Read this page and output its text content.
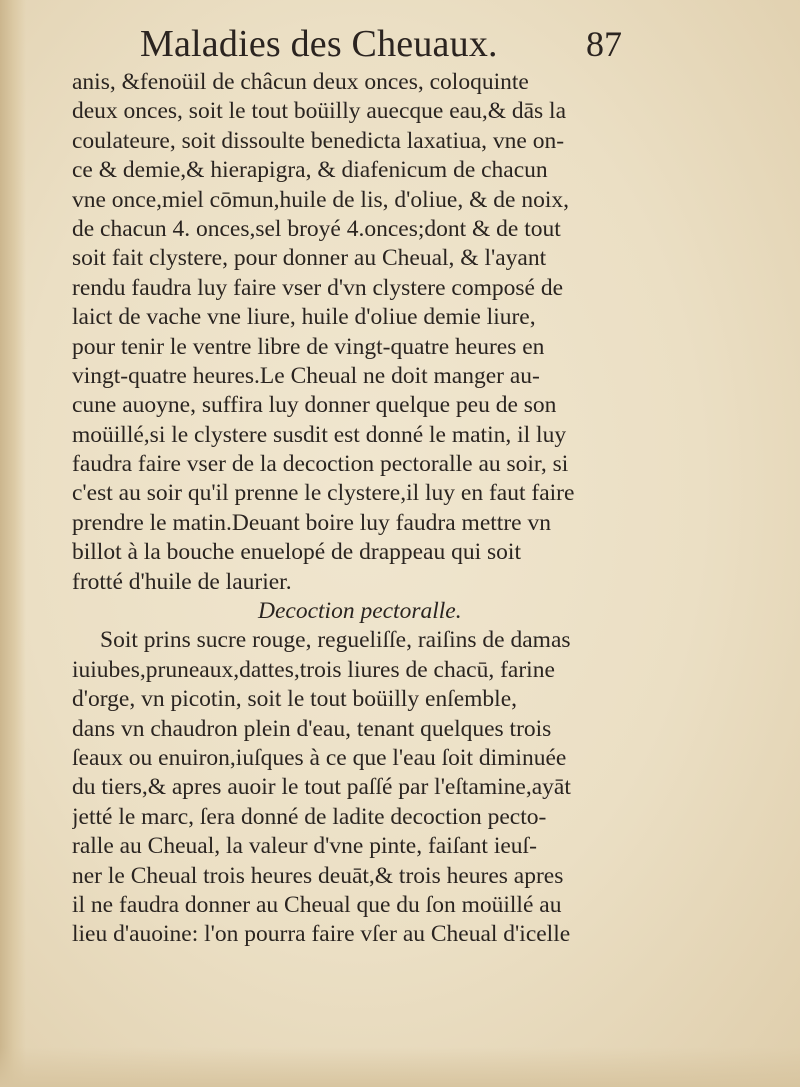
Maladies des Cheuaux. 87
anis, &fenoüil de châcun deux onces, coloquinte
deux onces, soit le tout boüilly auecque eau,& dās la
coulateure, soit dissoulte benedicta laxatiua, vne on-
ce & demie,& hierapigra, & diafenicum de chacun
vne once,miel cōmun,huile de lis, d'oliue, & de noix,
de chacun 4. onces,sel broyé 4.onces;dont & de tout
soit fait clystere, pour donner au Cheual, & l'ayant
rendu faudra luy faire vser d'vn clystere composé de
laict de vache vne liure, huile d'oliue demie liure,
pour tenir le ventre libre de vingt-quatre heures en
vingt-quatre heures.Le Cheual ne doit manger au-
cune auoyne, suffira luy donner quelque peu de son
moüillé,si le clystere susdit est donné le matin, il luy
faudra faire vser de la decoction pectoralle au soir, si
c'est au soir qu'il prenne le clystere,il luy en faut faire
prendre le matin.Deuant boire luy faudra mettre vn
billot à la bouche enuelopé de drappeau qui soit
frotté d'huile de laurier.
Decoction pectoralle.
Soit prins sucre rouge, regueliſſe, raiſins de damas
iuiubes,pruneaux,dattes,trois liures de chacū, farine
d'orge, vn picotin, soit le tout boüilly enſemble,
dans vn chaudron plein d'eau, tenant quelques trois
ſeaux ou enuiron,iuſques à ce que l'eau ſoit diminuée
du tiers,& apres auoir le tout paſſé par l'eſtamine,ayāt
jetté le marc, ſera donné de ladite decoction pecto-
ralle au Cheual, la valeur d'vne pinte, faiſant ieuſ-
ner le Cheual trois heures deuāt,& trois heures apres
il ne faudra donner au Cheual que du ſon moüillé au
lieu d'auoine: l'on pourra faire vſer au Cheual d'icelle
